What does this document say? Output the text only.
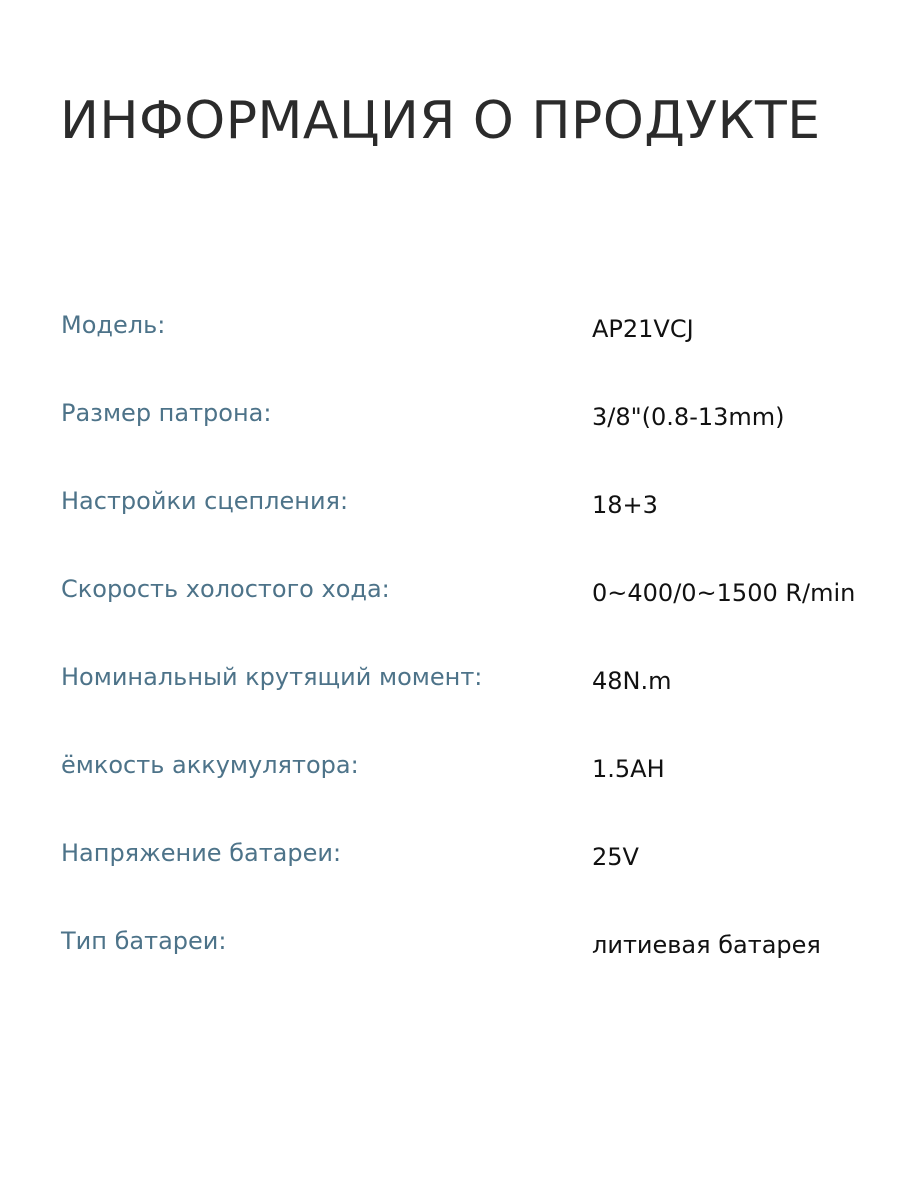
ИНФОРМАЦИЯ О ПРОДУКТЕ
Модель:	AP21VCJ
Размер патрона:	3/8"(0.8-13mm)
Настройки сцепления:	18+3
Скорость холостого хода:	0~400/0~1500 R/min
Номинальный крутящий момент:	48N.m
ёмкость аккумулятора:	1.5AH
Напряжение батареи:	25V
Тип батареи:	литиевая батарея
